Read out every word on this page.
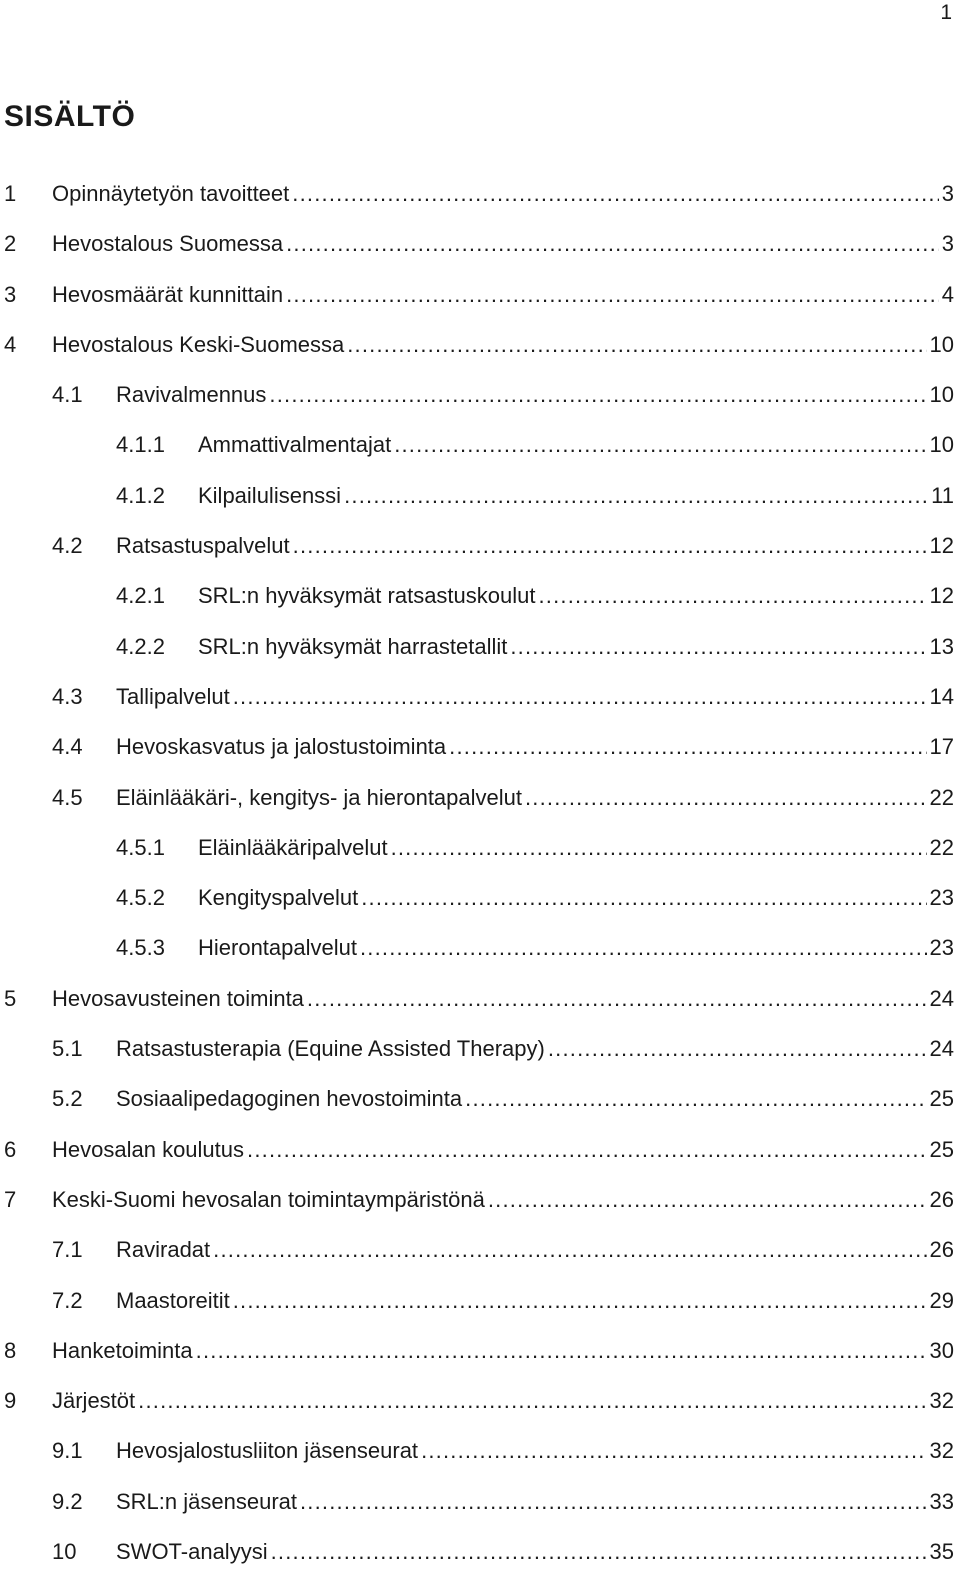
1
SISÄLTÖ
1 Opinnäytetyön tavoitteet .....	3
2 Hevostalous Suomessa .....	3
3 Hevosmäärät kunnittain .....	4
4 Hevostalous Keski-Suomessa .....	10
4.1 Ravivalmennus .....	10
4.1.1 Ammattivalmentajat .....	10
4.1.2 Kilpailulisenssi .....	11
4.2 Ratsastuspalvelut .....	12
4.2.1 SRL:n hyväksymät ratsastuskoulut .....	12
4.2.2 SRL:n hyväksymät harrastetallit .....	13
4.3 Tallipalvelut .....	14
4.4 Hevoskasvatus ja jalostustoiminta .....	17
4.5 Eläinlääkäri-, kengitys- ja hierontapalvelut .....	22
4.5.1 Eläinlääkäripalvelut .....	22
4.5.2 Kengityspalvelut .....	23
4.5.3 Hierontapalvelut .....	23
5 Hevosavusteinen toiminta .....	24
5.1 Ratsastusterapia (Equine Assisted Therapy) .....	24
5.2 Sosiaalipedagoginen hevostoiminta .....	25
6 Hevosalan koulutus .....	25
7 Keski-Suomi hevosalan toimintaympäristönä .....	26
7.1 Raviradat .....	26
7.2 Maastoreitit .....	29
8 Hanketoiminta .....	30
9 Järjestöt .....	32
9.1 Hevosjalostusliiton jäsenseurat .....	32
9.2 SRL:n jäsenseurat .....	33
10 SWOT-analyysi .....	35
